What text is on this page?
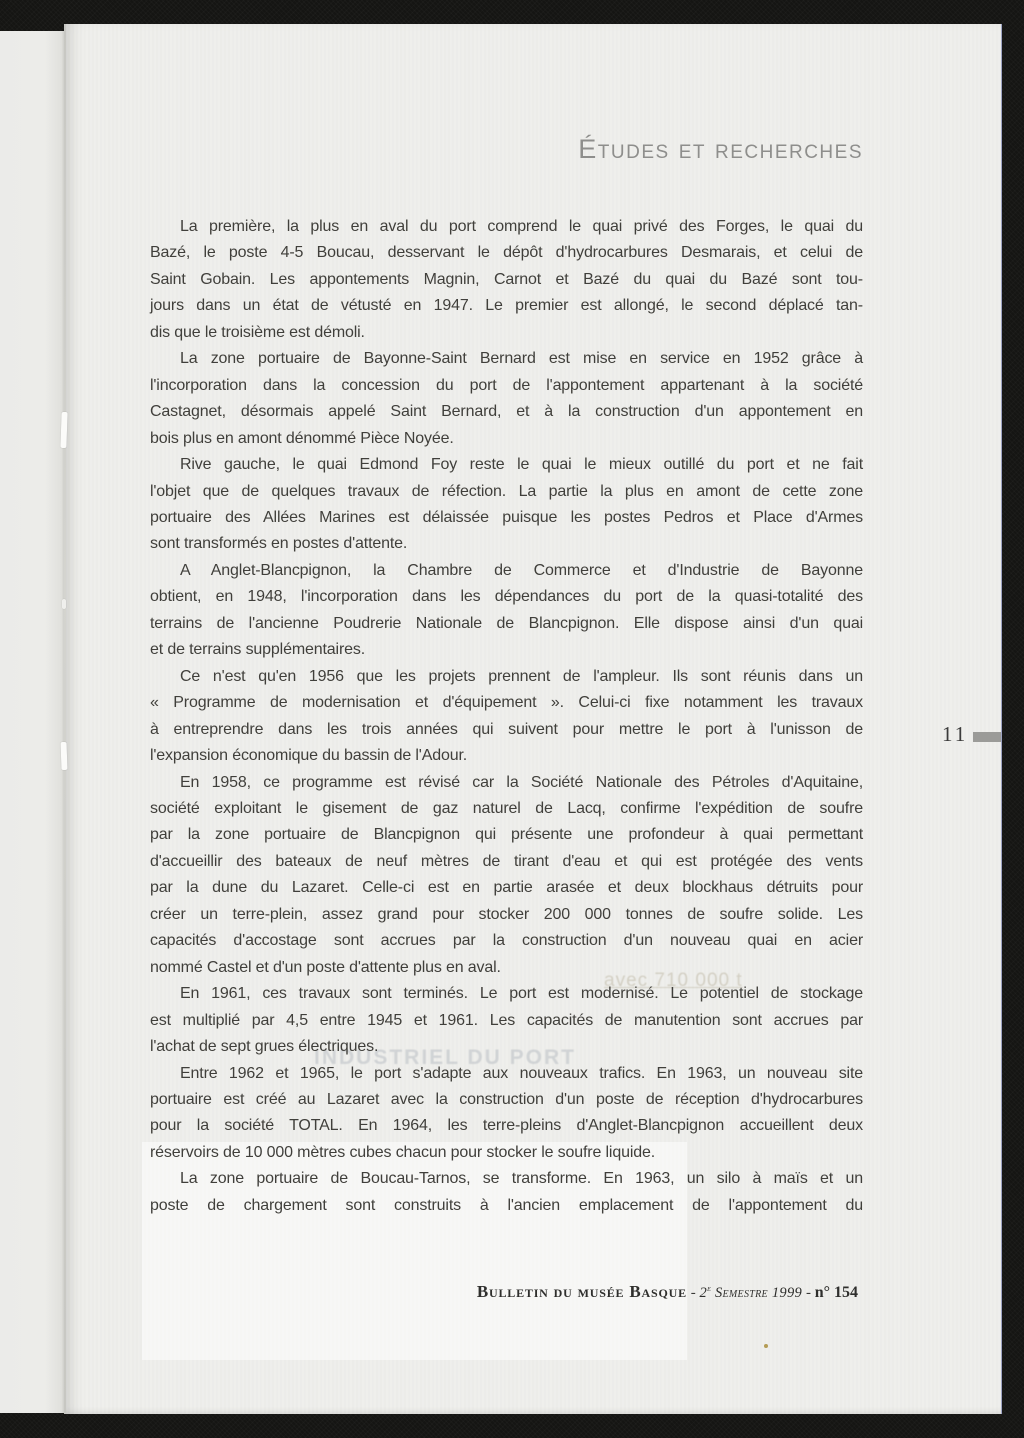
avec 710 000 t
INDUSTRIEL DU PORT
Études et recherches
La première, la plus en aval du port comprend le quai privé des Forges, le quai du
Bazé, le poste 4-5 Boucau, desservant le dépôt d'hydrocarbures Desmarais, et celui de
Saint Gobain. Les appontements Magnin, Carnot et Bazé du quai du Bazé sont tou-
jours dans un état de vétusté en 1947. Le premier est allongé, le second déplacé tan-
dis que le troisième est démoli.
La zone portuaire de Bayonne-Saint Bernard est mise en service en 1952 grâce à
l'incorporation dans la concession du port de l'appontement appartenant à la société
Castagnet, désormais appelé Saint Bernard, et à la construction d'un appontement en
bois plus en amont dénommé Pièce Noyée.
Rive gauche, le quai Edmond Foy reste le quai le mieux outillé du port et ne fait
l'objet que de quelques travaux de réfection. La partie la plus en amont de cette zone
portuaire des Allées Marines est délaissée puisque les postes Pedros et Place d'Armes
sont transformés en postes d'attente.
A Anglet-Blancpignon, la Chambre de Commerce et d'Industrie de Bayonne
obtient, en 1948, l'incorporation dans les dépendances du port de la quasi-totalité des
terrains de l'ancienne Poudrerie Nationale de Blancpignon. Elle dispose ainsi d'un quai
et de terrains supplémentaires.
Ce n'est qu'en 1956 que les projets prennent de l'ampleur. Ils sont réunis dans un
« Programme de modernisation et d'équipement ». Celui-ci fixe notamment les travaux
à entreprendre dans les trois années qui suivent pour mettre le port à l'unisson de
l'expansion économique du bassin de l'Adour.
En 1958, ce programme est révisé car la Société Nationale des Pétroles d'Aquitaine,
société exploitant le gisement de gaz naturel de Lacq, confirme l'expédition de soufre
par la zone portuaire de Blancpignon qui présente une profondeur à quai permettant
d'accueillir des bateaux de neuf mètres de tirant d'eau et qui est protégée des vents
par la dune du Lazaret. Celle-ci est en partie arasée et deux blockhaus détruits pour
créer un terre-plein, assez grand pour stocker 200 000 tonnes de soufre solide. Les
capacités d'accostage sont accrues par la construction d'un nouveau quai en acier
nommé Castel et d'un poste d'attente plus en aval.
En 1961, ces travaux sont terminés. Le port est modernisé. Le potentiel de stockage
est multiplié par 4,5 entre 1945 et 1961. Les capacités de manutention sont accrues par
l'achat de sept grues électriques.
Entre 1962 et 1965, le port s'adapte aux nouveaux trafics. En 1963, un nouveau site
portuaire est créé au Lazaret avec la construction d'un poste de réception d'hydrocarbures
pour la société TOTAL. En 1964, les terre-pleins d'Anglet-Blancpignon accueillent deux
réservoirs de 10 000 mètres cubes chacun pour stocker le soufre liquide.
La zone portuaire de Boucau-Tarnos, se transforme. En 1963, un silo à maïs et un
poste de chargement sont construits à l'ancien emplacement de l'appontement du
11
Bulletin du musée Basque - 2e Semestre 1999 - n° 154
